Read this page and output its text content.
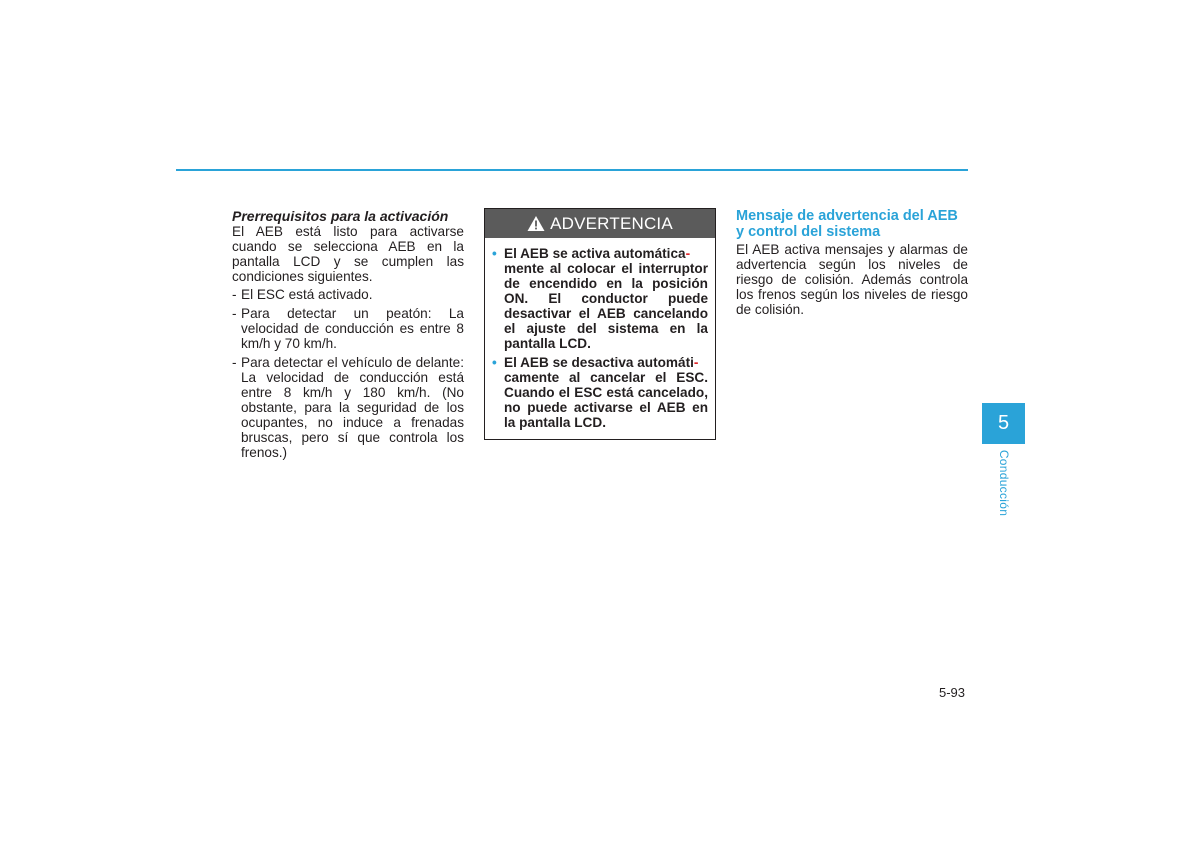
Prerrequisitos para la activación

El AEB está listo para activarse cuando se selecciona AEB en la pantalla LCD y se cumplen las condiciones siguientes.

- El ESC está activado.
- Para detectar un peatón: La velocidad de conducción es entre 8 km/h y 70 km/h.
- Para detectar el vehículo de delante: La velocidad de conducción está entre 8 km/h y 180 km/h. (No obstante, para la seguridad de los ocupantes, no induce a frenadas bruscas, pero sí que controla los frenos.)
ADVERTENCIA
• El AEB se activa automática-
mente al colocar el interruptor de encendido en la posición ON. El conductor puede desactivar el AEB cancelando el ajuste del sistema en la pantalla LCD.
• El AEB se desactiva automáti-
camente al cancelar el ESC. Cuando el ESC está cancelado, no puede activarse el AEB en la pantalla LCD.

Mensaje de advertencia del AEB y control del sistema

El AEB activa mensajes y alarmas de advertencia según los niveles de riesgo de colisión. Además controla los frenos según los niveles de riesgo de colisión.

5
Conducción
5-93
